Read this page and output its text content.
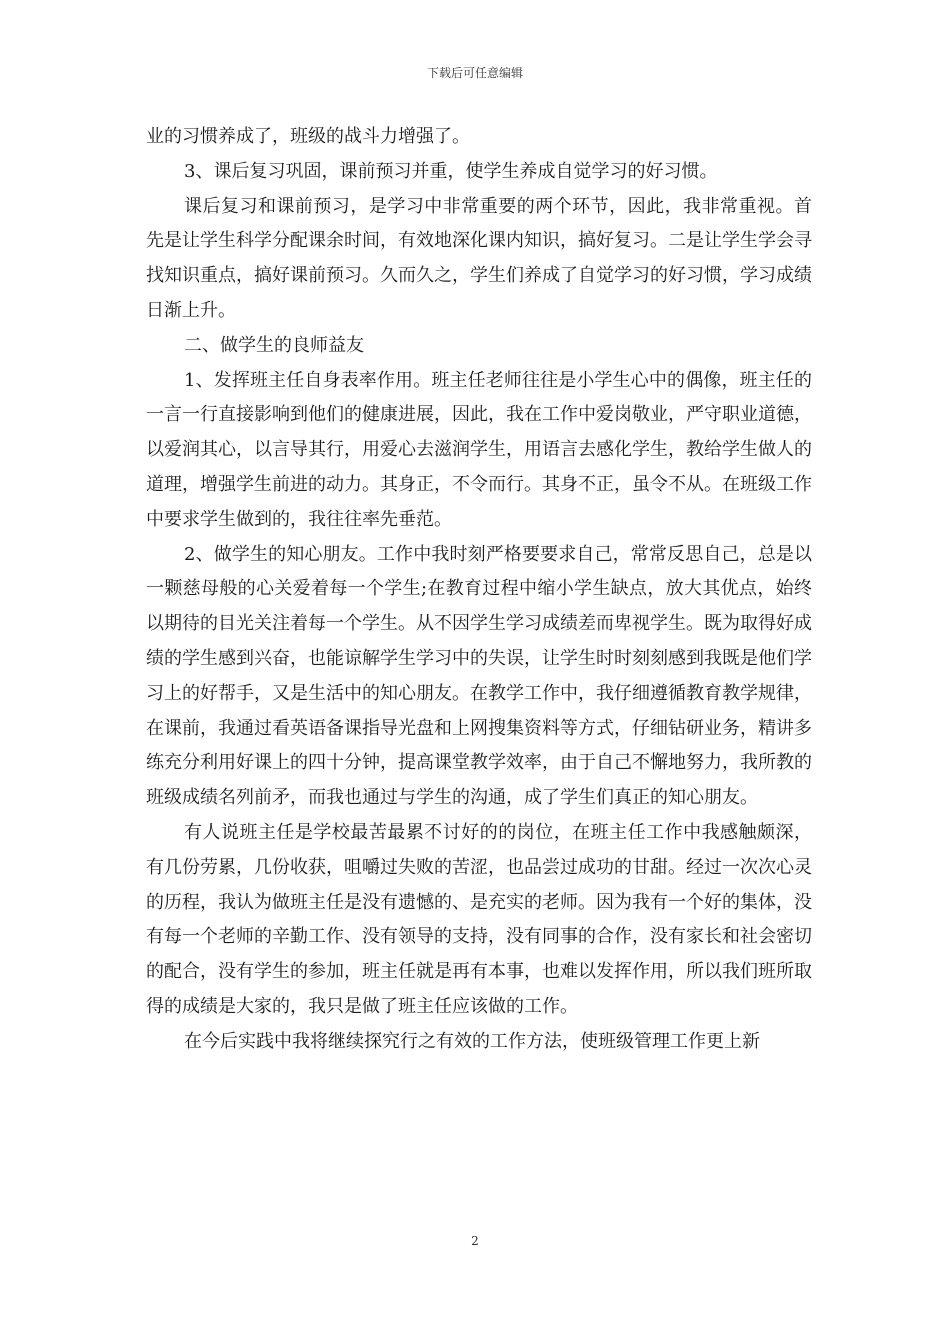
下载后可任意编辑

业的习惯养成了，班级的战斗力增强了。

3、课后复习巩固，课前预习并重，使学生养成自觉学习的好习惯。

课后复习和课前预习，是学习中非常重要的两个环节，因此，我非常重视。首先是让学生科学分配课余时间，有效地深化课内知识，搞好复习。二是让学生学会寻找知识重点，搞好课前预习。久而久之，学生们养成了自觉学习的好习惯，学习成绩日渐上升。

二、做学生的良师益友

1、发挥班主任自身表率作用。班主任老师往往是小学生心中的偶像，班主任的一言一行直接影响到他们的健康进展，因此，我在工作中爱岗敬业，严守职业道德，以爱润其心，以言导其行，用爱心去滋润学生，用语言去感化学生，教给学生做人的道理，增强学生前进的动力。其身正，不令而行。其身不正，虽令不从。在班级工作中要求学生做到的，我往往率先垂范。

2、做学生的知心朋友。工作中我时刻严格要要求自己，常常反思自己，总是以一颗慈母般的心关爱着每一个学生;在教育过程中缩小学生缺点，放大其优点，始终以期待的目光关注着每一个学生。从不因学生学习成绩差而卑视学生。既为取得好成绩的学生感到兴奋，也能谅解学生学习中的失误，让学生时时刻刻感到我既是他们学习上的好帮手，又是生活中的知心朋友。在教学工作中，我仔细遵循教育教学规律，在课前，我通过看英语备课指导光盘和上网搜集资料等方式，仔细钻研业务，精讲多练充分利用好课上的四十分钟，提高课堂教学效率，由于自己不懈地努力，我所教的班级成绩名列前矛，而我也通过与学生的沟通，成了学生们真正的知心朋友。

有人说班主任是学校最苦最累不讨好的的岗位，在班主任工作中我感触颇深，有几份劳累，几份收获，咀嚼过失败的苦涩，也品尝过成功的甘甜。经过一次次心灵的历程，我认为做班主任是没有遗憾的、是充实的老师。因为我有一个好的集体，没有每一个老师的辛勤工作、没有领导的支持，没有同事的合作，没有家长和社会密切的配合，没有学生的参加，班主任就是再有本事，也难以发挥作用，所以我们班所取得的成绩是大家的，我只是做了班主任应该做的工作。

在今后实践中我将继续探究行之有效的工作方法，使班级管理工作更上新

2
